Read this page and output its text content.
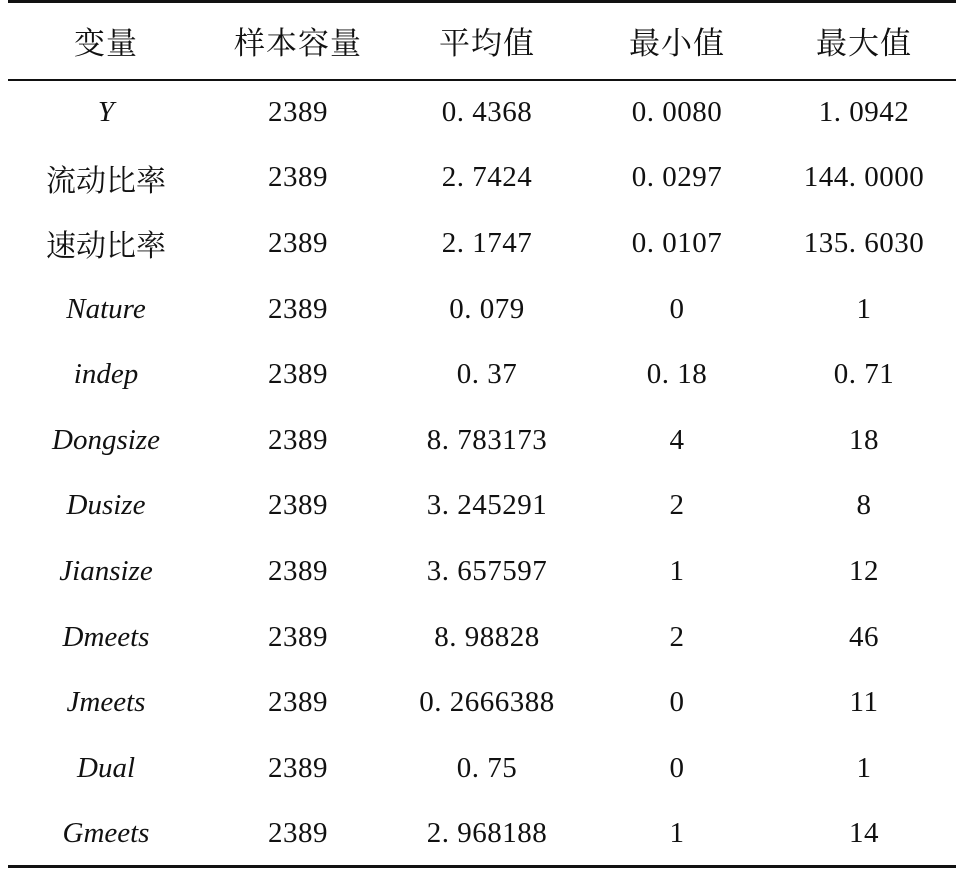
变量	样本容量	平均值	最小值	最大值
Y	2389	0. 4368	0. 0080	1. 0942
流动比率	2389	2. 7424	0. 0297	144. 0000
速动比率	2389	2. 1747	0. 0107	135. 6030
Nature	2389	0. 079	0	1
indep	2389	0. 37	0. 18	0. 71
Dongsize	2389	8. 783173	4	18
Dusize	2389	3. 245291	2	8
Jiansize	2389	3. 657597	1	12
Dmeets	2389	8. 98828	2	46
Jmeets	2389	0. 2666388	0	11
Dual	2389	0. 75	0	1
Gmeets	2389	2. 968188	1	14
